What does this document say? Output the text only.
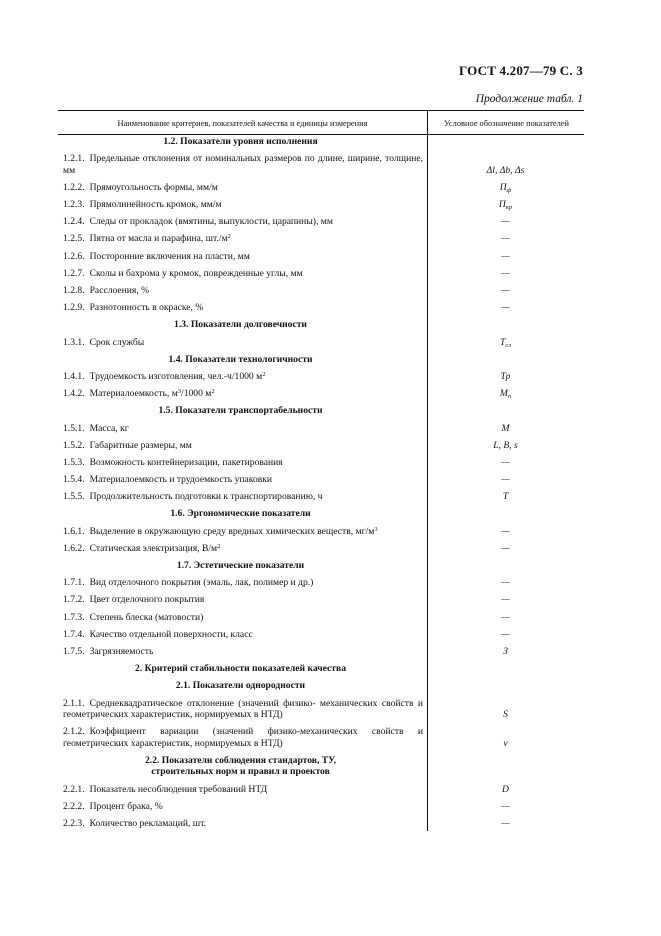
ГОСТ 4.207—79 С. 3
Продолжение табл. 1
Наименование критериев, показателей качества и единицы измерения	Условное обозначение показателей
1.2. Показатели уровня исполнения
1.2.1. Предельные отклонения от номинальных размеров по длине, ширине, толщине, мм	Δl, Δb, Δs
1.2.2. Прямоугольность формы, мм/м	$П_ф$
1.2.3. Прямолинейность кромок, мм/м	$П_{кр}$
1.2.4. Следы от прокладок (вмятины, выпуклости, царапины), мм	—
1.2.5. Пятна от масла и парафина, $шт./м^2$	—
1.2.6. Посторонние включения на пласти, мм	—
1.2.7. Сколы и бахрома у кромок, поврежденные углы, мм	—
1.2.8. Расслоения, %	—
1.2.9. Разнотонность в окраске, %	—
1.3. Показатели долговечности
1.3.1. Срок службы	$Т_{сл}$
1.4. Показатели технологичности
1.4.1. Трудоемкость изготовления, чел.-ч/1000 $м^2$	Тр
1.4.2. Материалоемкость, $м^3/1000$ $м^2$	$М_п$
1.5. Показатели транспортабельности
1.5.1. Масса, кг	М
1.5.2. Габаритные размеры, мм	L, B, s
1.5.3. Возможность контейнеризации, пакетирования	—
1.5.4. Материалоемкость и трудоемкость упаковки	—
1.5.5. Продолжительность подготовки к транспортированию, ч	Т
1.6. Эргономические показатели
1.6.1. Выделение в окружающую среду вредных химических веществ, $мг/м^3$	—
1.6.2. Статическая электризация, $В/м^2$	—
1.7. Эстетические показатели
1.7.1. Вид отделочного покрытия (эмаль, лак, полимер и др.)	—
1.7.2. Цвет отделочного покрытия	—
1.7.3. Степень блеска (матовости)	—
1.7.4. Качество отдельной поверхности, класс	—
1.7.5. Загрязняемость	З
2. Критерий стабильности показателей качества
2.1. Показатели однородности
2.1.1. Среднеквадратическое отклонение (значений физико- механических свойств и геометрических характеристик, нормируемых в НТД)	S
2.1.2. Коэффициент вариации (значений физико-механических свойств и геометрических характеристик, нормируемых в НТД)	v
2.2. Показатели соблюдения стандартов, ТУ,
строительных норм и правил и проектов
2.2.1. Показатель несоблюдения требований НТД	D
2.2.2. Процент брака, %	—
2.2.3. Количество рекламаций, шт.	—
